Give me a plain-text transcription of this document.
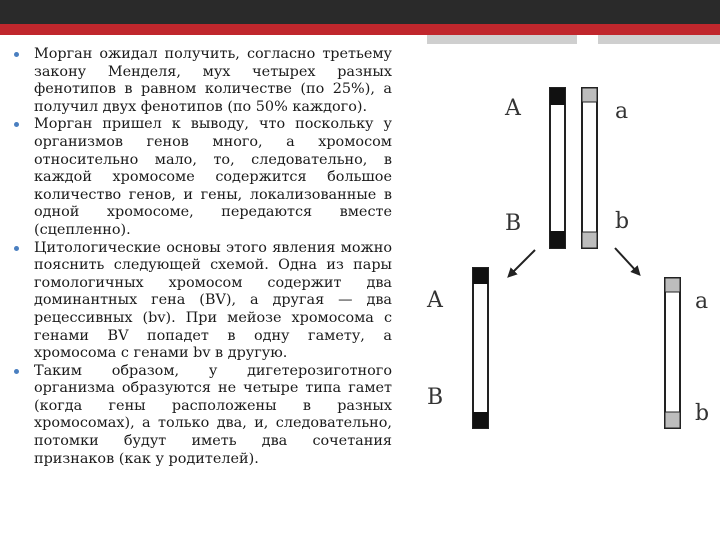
Морган ожидал получить, согласно третьему закону Менделя, мух четырех разных фенотипов в равном количестве (по 25%), а получил двух фенотипов (по 50% каждого).
Морган пришел к выводу, что поскольку у организмов генов много, а хромосом относительно мало, то, следовательно, в каждой хромосоме содержится большое количество генов, и гены, локализованные в одной хромосоме, передаются вместе (сцепленно).
Цитологические основы этого явления можно пояснить следующей схемой. Одна из пары гомологичных хромосом содержит два доминантных гена (BV), а другая — два рецессивных (bv). При мейозе хромосома с генами BV попадет в одну гамету, а хромосома с генами bv в другую.
Таким образом, у дигетерозиготного организма образуются не четыре типа гамет (когда гены расположены в разных хромосомах), а только два, и, следовательно, потомки будут иметь два сочетания признаков (как у родителей).
A	a
B	b
A
B
a
b
